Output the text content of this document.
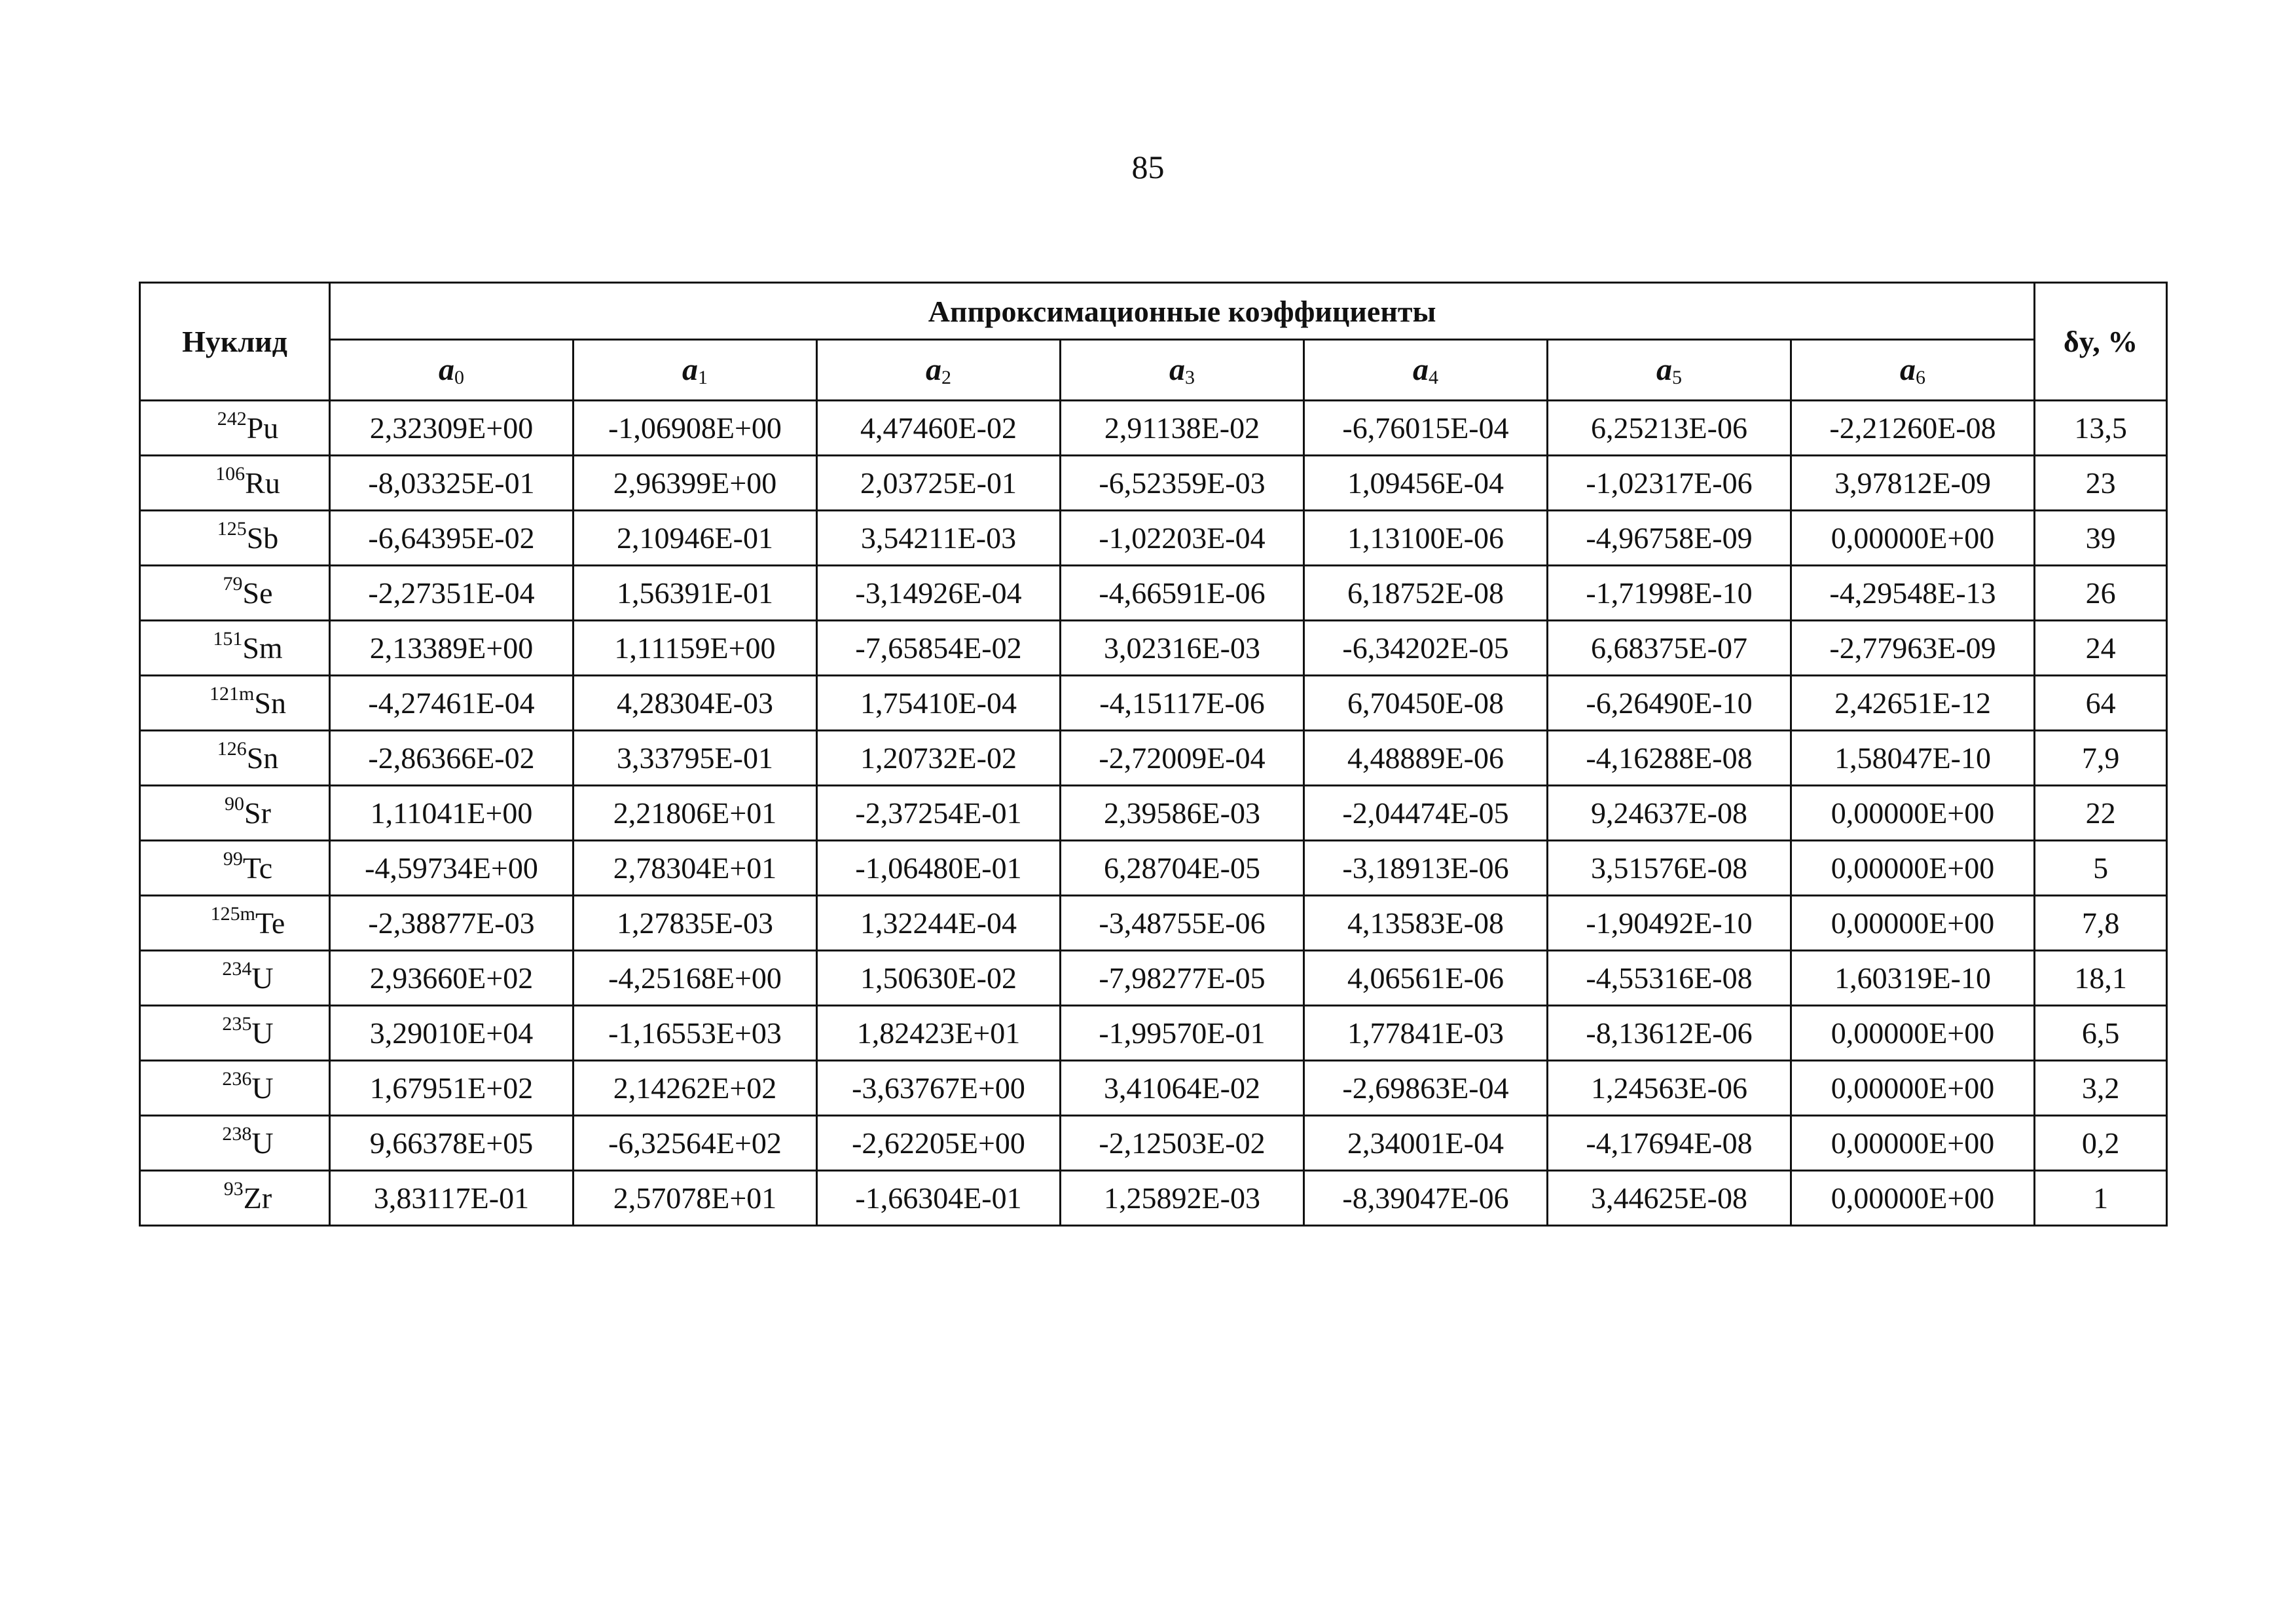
85
Нуклид	Аппроксимационные коэффициенты							δy, %
	$a_0$	$a_1$	$a_2$	$a_3$	$a_4$	$a_5$	$a_6$
$^{242}$Pu	2,32309E+00	-1,06908E+00	4,47460E-02	2,91138E-02	-6,76015E-04	6,25213E-06	-2,21260E-08	13,5
$^{106}$Ru	-8,03325E-01	2,96399E+00	2,03725E-01	-6,52359E-03	1,09456E-04	-1,02317E-06	3,97812E-09	23
$^{125}$Sb	-6,64395E-02	2,10946E-01	3,54211E-03	-1,02203E-04	1,13100E-06	-4,96758E-09	0,00000E+00	39
$^{79}$Se	-2,27351E-04	1,56391E-01	-3,14926E-04	-4,66591E-06	6,18752E-08	-1,71998E-10	-4,29548E-13	26
$^{151}$Sm	2,13389E+00	1,11159E+00	-7,65854E-02	3,02316E-03	-6,34202E-05	6,68375E-07	-2,77963E-09	24
$^{121m}$Sn	-4,27461E-04	4,28304E-03	1,75410E-04	-4,15117E-06	6,70450E-08	-6,26490E-10	2,42651E-12	64
$^{126}$Sn	-2,86366E-02	3,33795E-01	1,20732E-02	-2,72009E-04	4,48889E-06	-4,16288E-08	1,58047E-10	7,9
$^{90}$Sr	1,11041E+00	2,21806E+01	-2,37254E-01	2,39586E-03	-2,04474E-05	9,24637E-08	0,00000E+00	22
$^{99}$Tc	-4,59734E+00	2,78304E+01	-1,06480E-01	6,28704E-05	-3,18913E-06	3,51576E-08	0,00000E+00	5
$^{125m}$Te	-2,38877E-03	1,27835E-03	1,32244E-04	-3,48755E-06	4,13583E-08	-1,90492E-10	0,00000E+00	7,8
$^{234}$U	2,93660E+02	-4,25168E+00	1,50630E-02	-7,98277E-05	4,06561E-06	-4,55316E-08	1,60319E-10	18,1
$^{235}$U	3,29010E+04	-1,16553E+03	1,82423E+01	-1,99570E-01	1,77841E-03	-8,13612E-06	0,00000E+00	6,5
$^{236}$U	1,67951E+02	2,14262E+02	-3,63767E+00	3,41064E-02	-2,69863E-04	1,24563E-06	0,00000E+00	3,2
$^{238}$U	9,66378E+05	-6,32564E+02	-2,62205E+00	-2,12503E-02	2,34001E-04	-4,17694E-08	0,00000E+00	0,2
$^{93}$Zr	3,83117E-01	2,57078E+01	-1,66304E-01	1,25892E-03	-8,39047E-06	3,44625E-08	0,00000E+00	1
